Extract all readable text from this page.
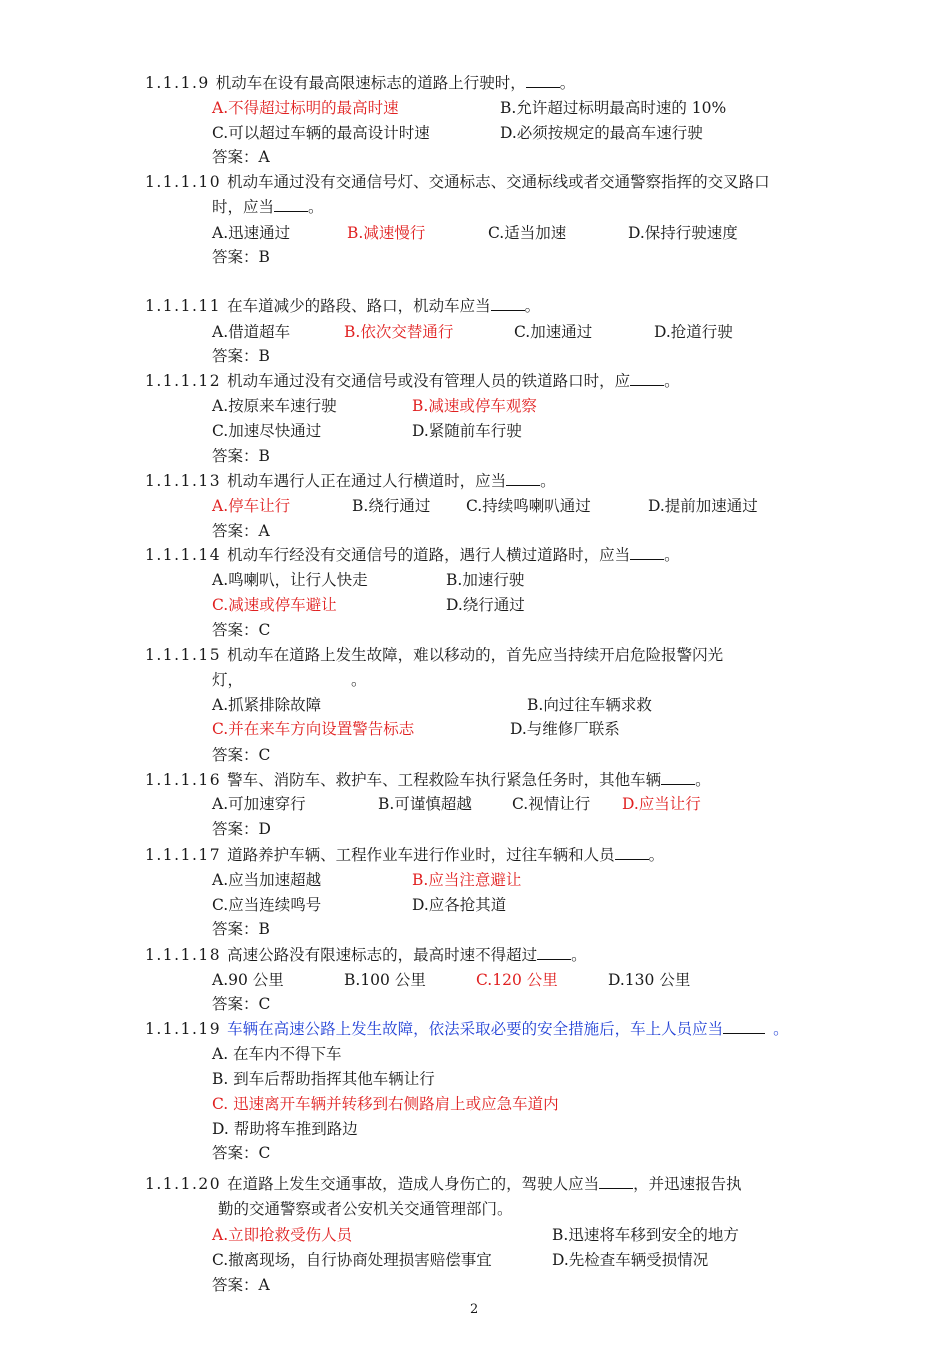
1.1.1.9 机动车在设有最高限速标志的道路上行驶时， 。
A.不得超过标明的最高时速	B.允许超过标明最高时速的 10%
C.可以超过车辆的最高设计时速	D.必须按规定的最高车速行驶
答案：A
1.1.1.10 机动车通过没有交通信号灯、交通标志、交通标线或者交通警察指挥的交叉路口
时，应当 。
A.迅速通过	B.减速慢行	C.适当加速	D.保持行驶速度
答案：B
1.1.1.11 在车道减少的路段、路口，机动车应当 。
A.借道超车	B.依次交替通行	C.加速通过	D.抢道行驶
答案：B
1.1.1.12 机动车通过没有交通信号或没有管理人员的铁道路口时，应 。
A.按原来车速行驶	B.减速或停车观察
C.加速尽快通过	D.紧随前车行驶
答案：B
1.1.1.13 机动车遇行人正在通过人行横道时，应当 。
A.停车让行	B.绕行通过 C.持续鸣喇叭通过	D.提前加速通过
答案：A
1.1.1.14 机动车行经没有交通信号的道路，遇行人横过道路时，应当 。
A.鸣喇叭，让行人快走	B.加速行驶
C.减速或停车避让	D.绕行通过
答案：C
1.1.1.15 机动车在道路上发生故障，难以移动的，首先应当持续开启危险报警闪光
灯，	。
A.抓紧排除故障	B.向过往车辆求救
C.并在来车方向设置警告标志	D.与维修厂联系
答案：C
1.1.1.16 警车、消防车、救护车、工程救险车执行紧急任务时，其他车辆 。
A.可加速穿行	B.可谨慎超越	C.视情让行 D.应当让行
答案：D
1.1.1.17 道路养护车辆、工程作业车进行作业时，过往车辆和人员 。
A.应当加速超越	B.应当注意避让
C.应当连续鸣号	D.应各抢其道
答案：B
1.1.1.18 高速公路没有限速标志的，最高时速不得超过 。
A.90 公里	B.100 公里	C.120 公里	D.130 公里
答案：C
1.1.1.19 车辆在高速公路上发生故障，依法采取必要的安全措施后，车上人员应当	。
A. 在车内不得下车
B. 到车后帮助指挥其他车辆让行
C. 迅速离开车辆并转移到右侧路肩上或应急车道内
D. 帮助将车推到路边
答案：C
1.1.1.20 在道路上发生交通事故，造成人身伤亡的，驾驶人应当 ，并迅速报告执
勤的交通警察或者公安机关交通管理部门。
A.立即抢救受伤人员	B.迅速将车移到安全的地方
C.撤离现场，自行协商处理损害赔偿事宜	D.先检查车辆受损情况
答案：A
2
